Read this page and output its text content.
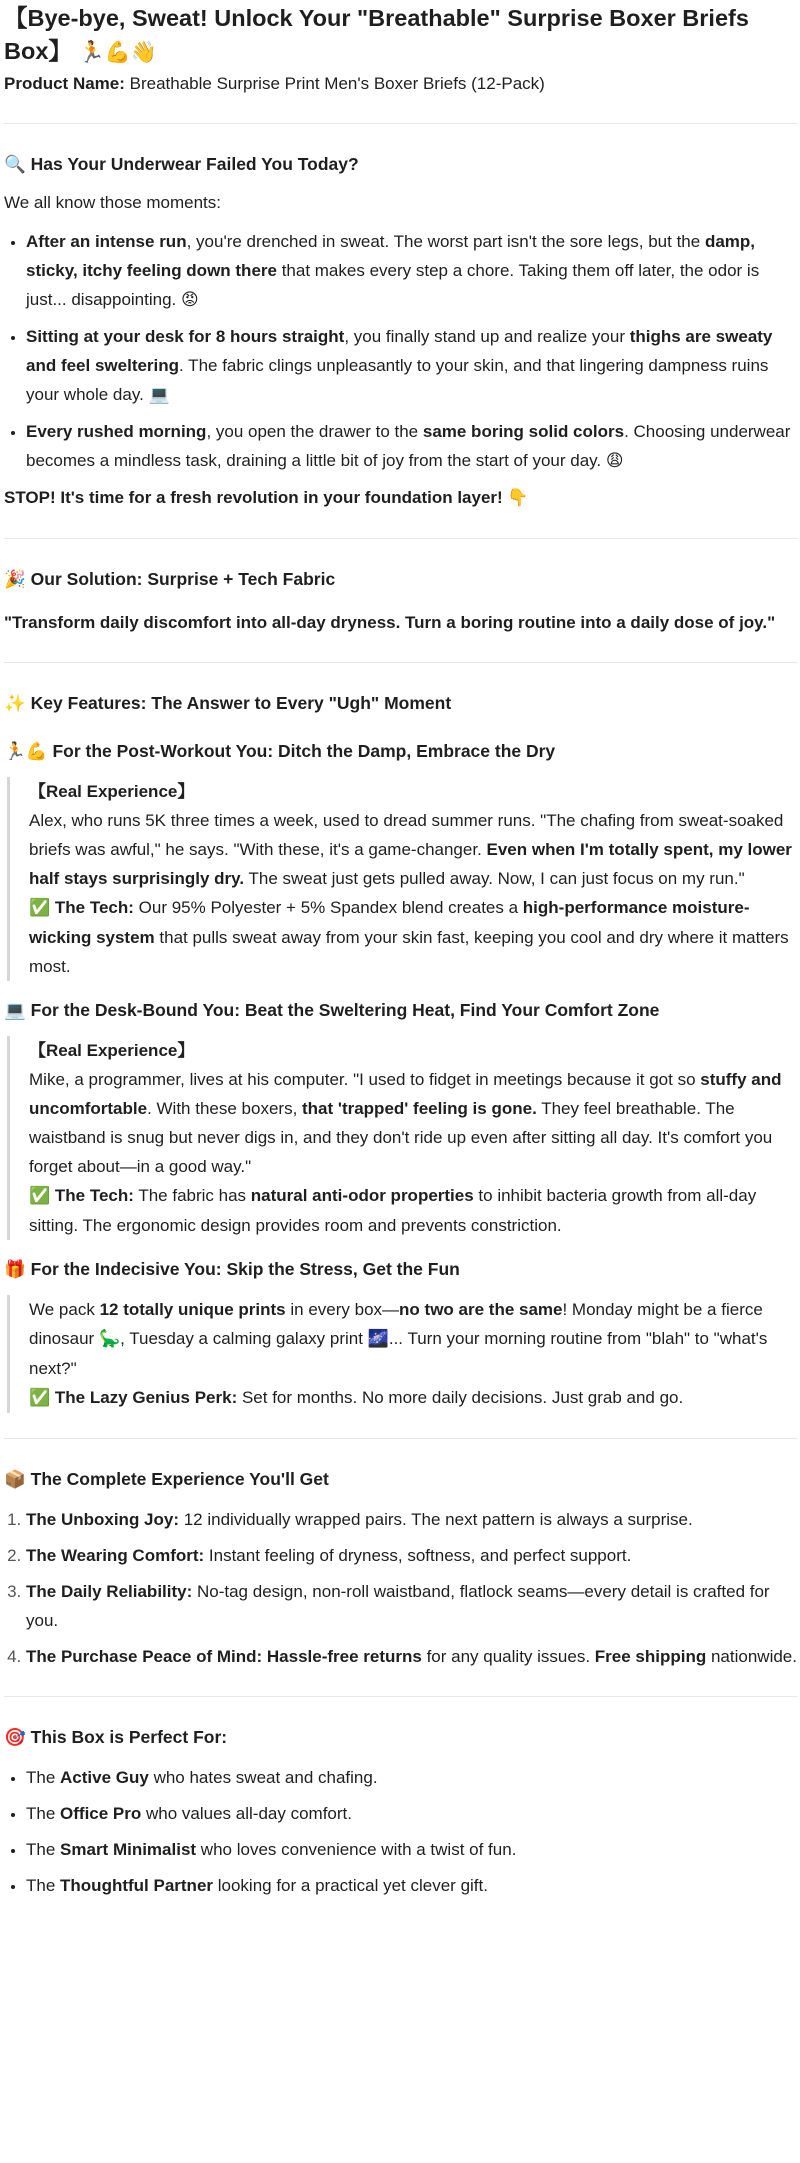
【Bye-bye, Sweat! Unlock Your "Breathable" Surprise Boxer Briefs Box】 🏃💪👋

Product Name: Breathable Surprise Print Men's Boxer Briefs (12-Pack)

🔍 Has Your Underwear Failed You Today?

We all know those moments:

• After an intense run, you're drenched in sweat. The worst part isn't the sore legs, but the damp, sticky, itchy feeling down there that makes every step a chore. Taking them off later, the odor is just... disappointing. 😡
• Sitting at your desk for 8 hours straight, you finally stand up and realize your thighs are sweaty and feel sweltering. The fabric clings unpleasantly to your skin, and that lingering dampness ruins your whole day. 💻
• Every rushed morning, you open the drawer to the same boring solid colors. Choosing underwear becomes a mindless task, draining a little bit of joy from the start of your day. 😩

STOP! It's time for a fresh revolution in your foundation layer! 👇

🎉 Our Solution: Surprise + Tech Fabric

"Transform daily discomfort into all-day dryness. Turn a boring routine into a daily dose of joy."

✨ Key Features: The Answer to Every "Ugh" Moment
🏃💪 For the Post-Workout You: Ditch the Damp, Embrace the Dry
【Real Experience】
Alex, who runs 5K three times a week, used to dread summer runs. "The chafing from sweat-soaked briefs was awful," he says. "With these, it's a game-changer. Even when I'm totally spent, my lower half stays surprisingly dry. The sweat just gets pulled away. Now, I can just focus on my run."
✅ The Tech: Our 95% Polyester + 5% Spandex blend creates a high-performance moisture-wicking system that pulls sweat away from your skin fast, keeping you cool and dry where it matters most.
💻 For the Desk-Bound You: Beat the Sweltering Heat, Find Your Comfort Zone
【Real Experience】
Mike, a programmer, lives at his computer. "I used to fidget in meetings because it got so stuffy and uncomfortable. With these boxers, that 'trapped' feeling is gone. They feel breathable. The waistband is snug but never digs in, and they don't ride up even after sitting all day. It's comfort you forget about—in a good way."
✅ The Tech: The fabric has natural anti-odor properties to inhibit bacteria growth from all-day sitting. The ergonomic design provides room and prevents constriction.
🎁 For the Indecisive You: Skip the Stress, Get the Fun
We pack 12 totally unique prints in every box—no two are the same! Monday might be a fierce dinosaur 🦕, Tuesday a calming galaxy print 🌌... Turn your morning routine from "blah" to "what's next?"
✅ The Lazy Genius Perk: Set for months. No more daily decisions. Just grab and go.
📦 The Complete Experience You'll Get
1. The Unboxing Joy: 12 individually wrapped pairs. The next pattern is always a surprise.
2. The Wearing Comfort: Instant feeling of dryness, softness, and perfect support.
3. The Daily Reliability: No-tag design, non-roll waistband, flatlock seams—every detail is crafted for you.
4. The Purchase Peace of Mind: Hassle-free returns for any quality issues. Free shipping nationwide.
🎯 This Box is Perfect For:
• The Active Guy who hates sweat and chafing.
• The Office Pro who values all-day comfort.
• The Smart Minimalist who loves convenience with a twist of fun.
• The Thoughtful Partner looking for a practical yet clever gift.
